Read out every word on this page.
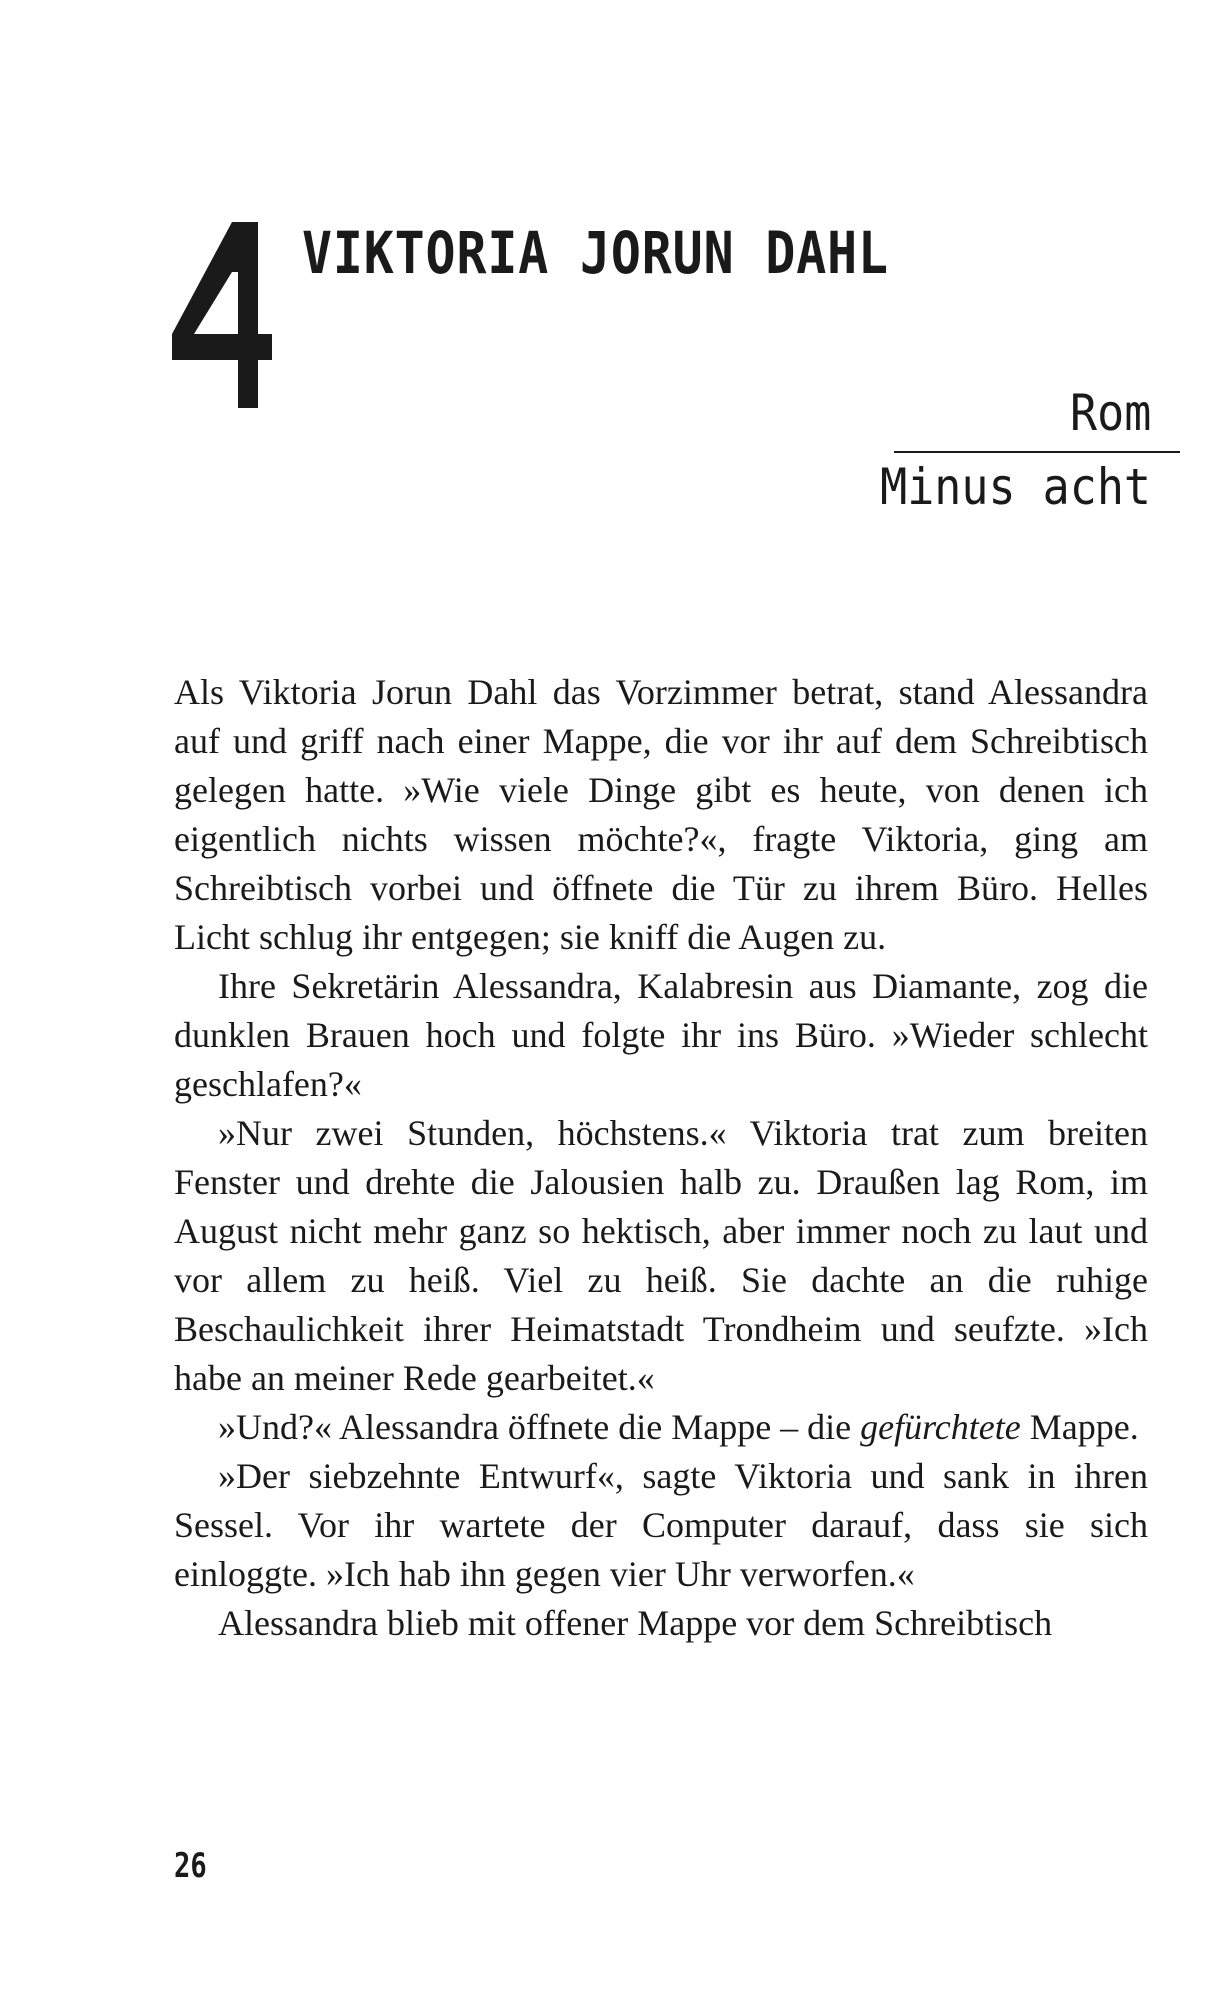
VIKTORIA JORUN DAHL
Rom
Minus acht

Als Viktoria Jorun Dahl das Vorzimmer betrat, stand Alessandra auf und griff nach einer Mappe, die vor ihr auf dem Schreibtisch gelegen hatte. »Wie viele Dinge gibt es heute, von denen ich eigentlich nichts wissen möchte?«, fragte Viktoria, ging am Schreibtisch vorbei und öffnete die Tür zu ihrem Büro. Helles Licht schlug ihr entgegen; sie kniff die Augen zu.

Ihre Sekretärin Alessandra, Kalabresin aus Diamante, zog die dunklen Brauen hoch und folgte ihr ins Büro. »Wieder schlecht geschlafen?«

»Nur zwei Stunden, höchstens.« Viktoria trat zum breiten Fenster und drehte die Jalousien halb zu. Draußen lag Rom, im August nicht mehr ganz so hektisch, aber immer noch zu laut und vor allem zu heiß. Viel zu heiß. Sie dachte an die ruhige Beschaulichkeit ihrer Heimatstadt Trondheim und seufzte. »Ich habe an meiner Rede gearbeitet.«

»Und?« Alessandra öffnete die Mappe – die gefürchtete Mappe.

»Der siebzehnte Entwurf«, sagte Viktoria und sank in ihren Sessel. Vor ihr wartete der Computer darauf, dass sie sich einloggte. »Ich hab ihn gegen vier Uhr verworfen.«

Alessandra blieb mit offener Mappe vor dem Schreibtisch

26
